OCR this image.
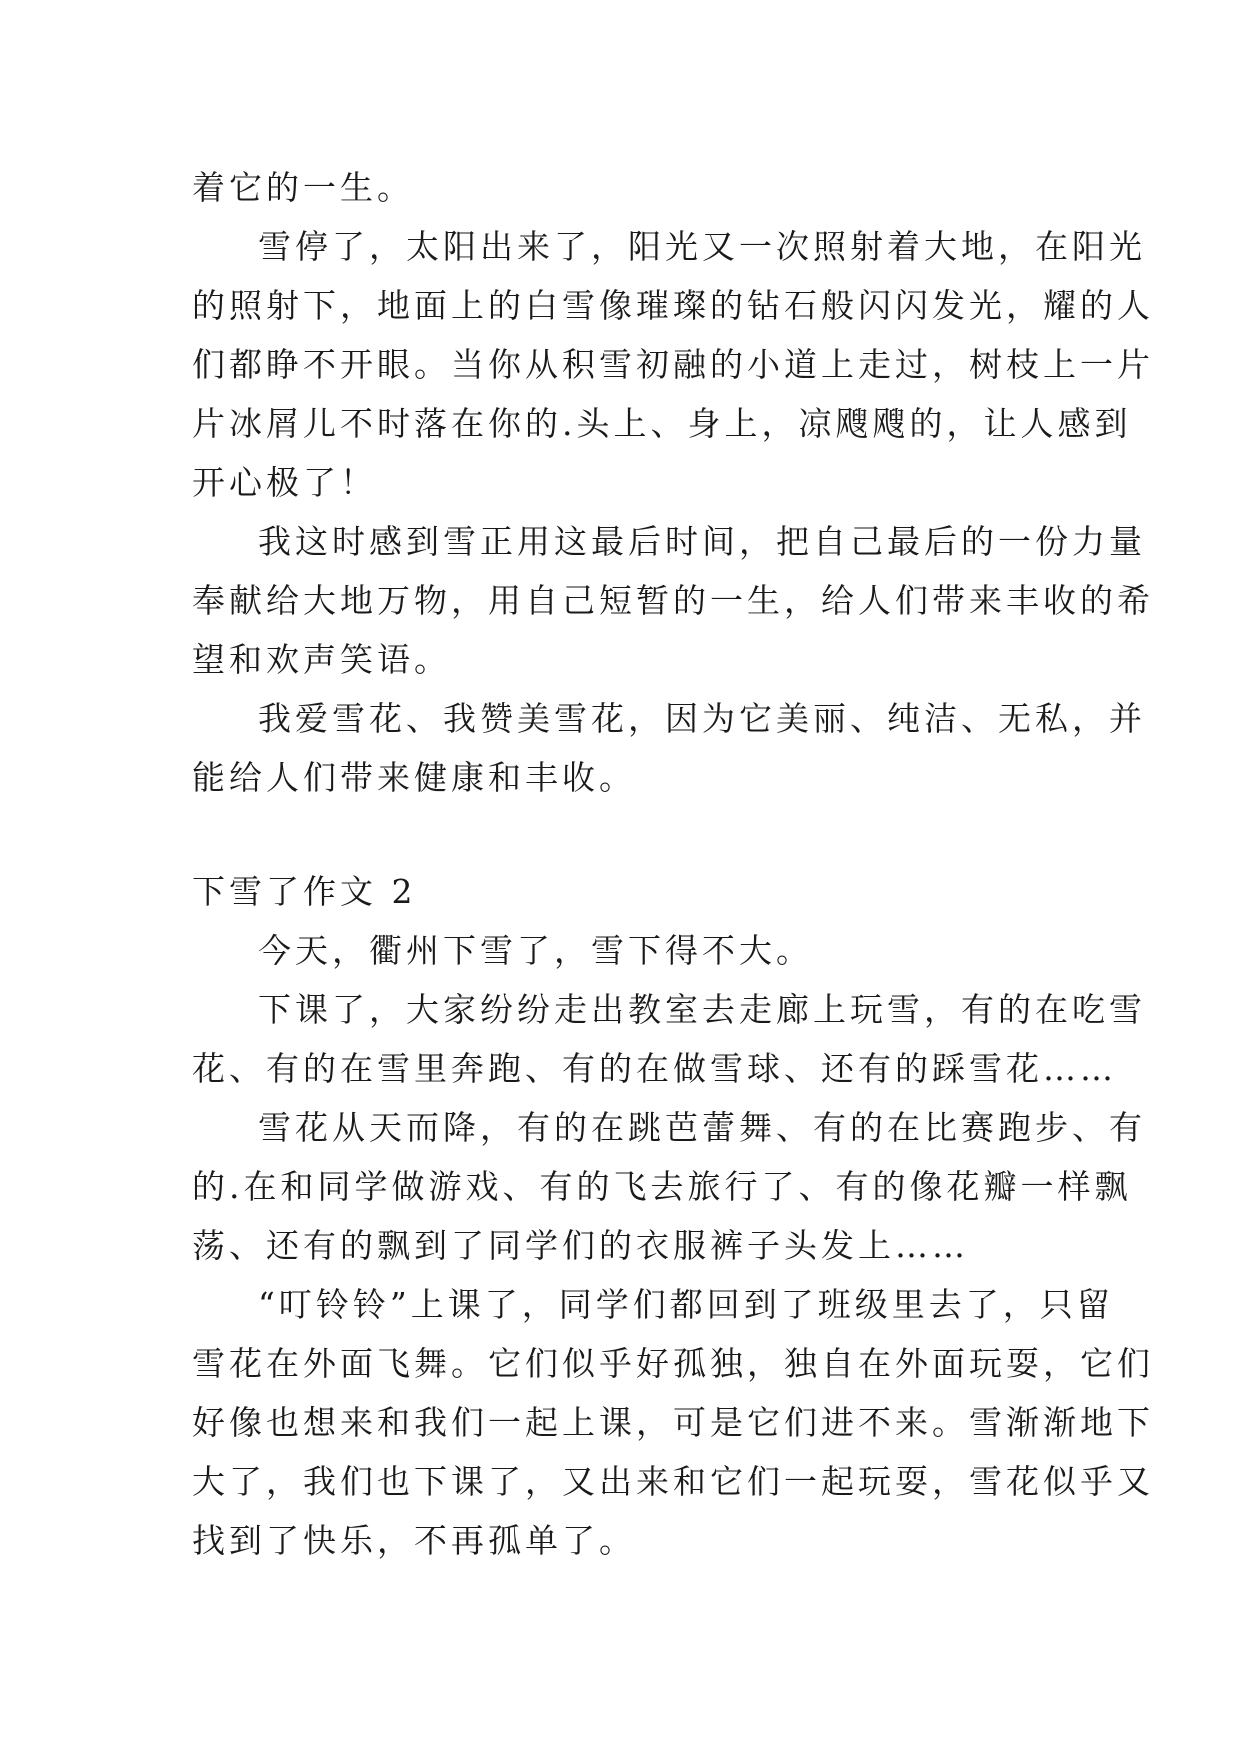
着它的一生。
雪停了，太阳出来了，阳光又一次照射着大地，在阳光
的照射下，地面上的白雪像璀璨的钻石般闪闪发光，耀的人
们都睁不开眼。当你从积雪初融的小道上走过，树枝上一片
片冰屑儿不时落在你的.头上、身上，凉飕飕的，让人感到
开心极了！
我这时感到雪正用这最后时间，把自己最后的一份力量
奉献给大地万物，用自己短暂的一生，给人们带来丰收的希
望和欢声笑语。
我爱雪花、我赞美雪花，因为它美丽、纯洁、无私，并
能给人们带来健康和丰收。
下雪了作文 2
今天，衢州下雪了，雪下得不大。
下课了，大家纷纷走出教室去走廊上玩雪，有的在吃雪
花、有的在雪里奔跑、有的在做雪球、还有的踩雪花……
雪花从天而降，有的在跳芭蕾舞、有的在比赛跑步、有
的.在和同学做游戏、有的飞去旅行了、有的像花瓣一样飘
荡、还有的飘到了同学们的衣服裤子头发上……
“叮铃铃”上课了，同学们都回到了班级里去了，只留
雪花在外面飞舞。它们似乎好孤独，独自在外面玩耍，它们
好像也想来和我们一起上课，可是它们进不来。雪渐渐地下
大了，我们也下课了，又出来和它们一起玩耍，雪花似乎又
找到了快乐，不再孤单了。
